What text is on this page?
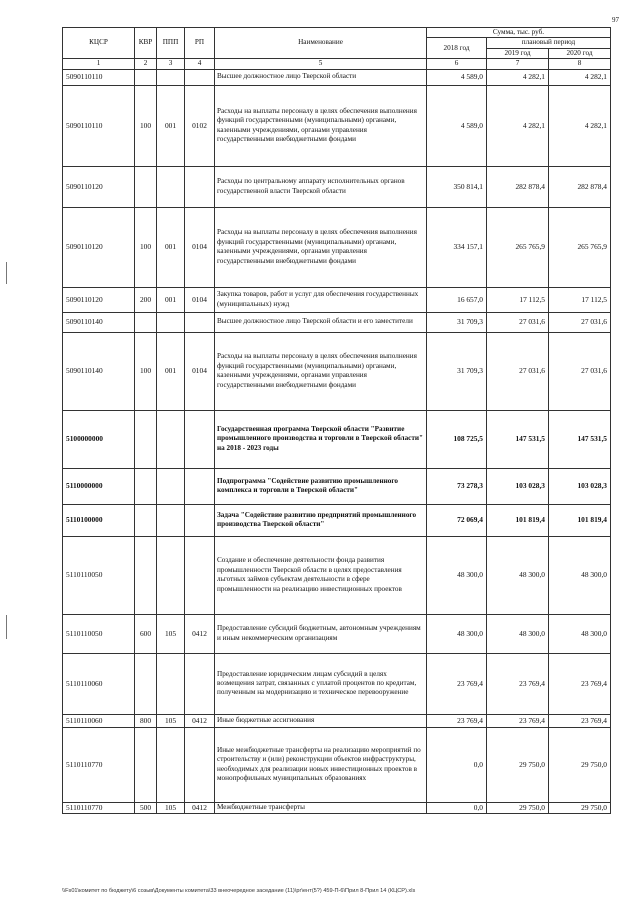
97
КЦСР	КВР	ППП	РП	Наименование	Сумма, тыс. руб.		
					2018 год	плановый период	
						2019 год	2020 год
1	2	3	4	5	6	7	8
5090110110				Высшее должностное лицо Тверской области	4 589,0	4 282,1	4 282,1
5090110110	100	001	0102	Расходы на выплаты персоналу в целях обеспечения выполнения функций государственными (муниципальными) органами, казенными учреждениями, органами управления государственными внебюджетными фондами	4 589,0	4 282,1	4 282,1
5090110120				Расходы по центральному аппарату исполнительных органов государственной власти Тверской области	350 814,1	282 878,4	282 878,4
5090110120	100	001	0104	Расходы на выплаты персоналу в целях обеспечения выполнения функций государственными (муниципальными) органами, казенными учреждениями, органами управления государственными внебюджетными фондами	334 157,1	265 765,9	265 765,9
5090110120	200	001	0104	Закупка товаров, работ и услуг для обеспечения государственных (муниципальных) нужд	16 657,0	17 112,5	17 112,5
5090110140				Высшее должностное лицо Тверской области и его заместители	31 709,3	27 031,6	27 031,6
5090110140	100	001	0104	Расходы на выплаты персоналу в целях обеспечения выполнения функций государственными (муниципальными) органами, казенными учреждениями, органами управления государственными внебюджетными фондами	31 709,3	27 031,6	27 031,6
5100000000				Государственная программа Тверской области "Развитие промышленного производства и торговли в Тверской области" на 2018 - 2023 годы	108 725,5	147 531,5	147 531,5
5110000000				Подпрограмма "Содействие развитию промышленного комплекса и торговли в Тверской области"	73 278,3	103 028,3	103 028,3
5110100000				Задача "Содействие развитию предприятий промышленного производства Тверской области"	72 069,4	101 819,4	101 819,4
5110110050				Создание и обеспечение деятельности фонда развития промышленности Тверской области в целях предоставления льготных займов субъектам деятельности в сфере промышленности на реализацию инвестиционных проектов	48 300,0	48 300,0	48 300,0
5110110050	600	105	0412	Предоставление субсидий бюджетным, автономным учреждениям и иным некоммерческим организациям	48 300,0	48 300,0	48 300,0
5110110060				Предоставление юридическим лицам субсидий в целях возмещения затрат, связанных с уплатой процентов по кредитам, полученным на модернизацию и техническое перевооружение	23 769,4	23 769,4	23 769,4
5110110060	800	105	0412	Иные бюджетные ассигнования	23 769,4	23 769,4	23 769,4
5110110770				Иные межбюджетные трансферты на реализацию мероприятий по строительству и (или) реконструкции объектов инфраструктуры, необходимых для реализации новых инвестиционных проектов в монопрофильных муниципальных образованиях	0,0	29 750,0	29 750,0
5110110770	500	105	0412	Межбюджетные трансферты	0,0	29 750,0	29 750,0
\\Fs01\комитет по бюджету\6 созыв\Документы комитета\33 внеочередное заседание (11)\рг\ент(5?) 459-П-6\Прил 8-Прил 14 (КЦСР).xls
